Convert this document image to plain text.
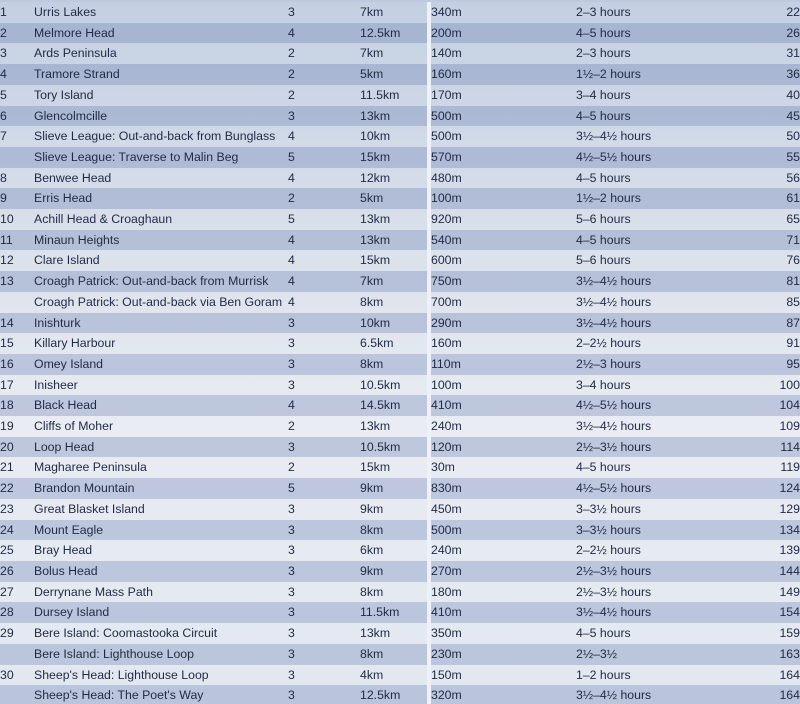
1	Urris Lakes	3	7km		340m	2–3 hours	22
2	Melmore Head	4	12.5km		200m	4–5 hours	26
3	Ards Peninsula	2	7km		140m	2–3 hours	31
4	Tramore Strand	2	5km		160m	1½–2 hours	36
5	Tory Island	2	11.5km		170m	3–4 hours	40
6	Glencolmcille	3	13km		500m	4–5 hours	45
7	Slieve League: Out-and-back from Bunglass	4	10km		500m	3½–4½ hours	50
	Slieve League: Traverse to Malin Beg	5	15km		570m	4½–5½ hours	55
8	Benwee Head	4	12km		480m	4–5 hours	56
9	Erris Head	2	5km		100m	1½–2 hours	61
10	Achill Head & Croaghaun	5	13km		920m	5–6 hours	65
11	Minaun Heights	4	13km		540m	4–5 hours	71
12	Clare Island	4	15km		600m	5–6 hours	76
13	Croagh Patrick: Out-and-back from Murrisk	4	7km		750m	3½–4½ hours	81
	Croagh Patrick: Out-and-back via Ben Goram	4	8km		700m	3½–4½ hours	85
14	Inishturk	3	10km		290m	3½–4½ hours	87
15	Killary Harbour	3	6.5km		160m	2–2½ hours	91
16	Omey Island	3	8km		110m	2½–3 hours	95
17	Inisheer	3	10.5km		100m	3–4 hours	100
18	Black Head	4	14.5km		410m	4½–5½ hours	104
19	Cliffs of Moher	2	13km		240m	3½–4½ hours	109
20	Loop Head	3	10.5km		120m	2½–3½ hours	114
21	Magharee Peninsula	2	15km		30m	4–5 hours	119
22	Brandon Mountain	5	9km		830m	4½–5½ hours	124
23	Great Blasket Island	3	9km		450m	3–3½ hours	129
24	Mount Eagle	3	8km		500m	3–3½ hours	134
25	Bray Head	3	6km		240m	2–2½ hours	139
26	Bolus Head	3	9km		270m	2½–3½ hours	144
27	Derrynane Mass Path	3	8km		180m	2½–3½ hours	149
28	Dursey Island	3	11.5km		410m	3½–4½ hours	154
29	Bere Island: Coomastooka Circuit	3	13km		350m	4–5 hours	159
	Bere Island: Lighthouse Loop	3	8km		230m	2½–3½	163
30	Sheep's Head: Lighthouse Loop	3	4km		150m	1–2 hours	164
	Sheep's Head: The Poet's Way	3	12.5km		320m	3½–4½ hours	164
